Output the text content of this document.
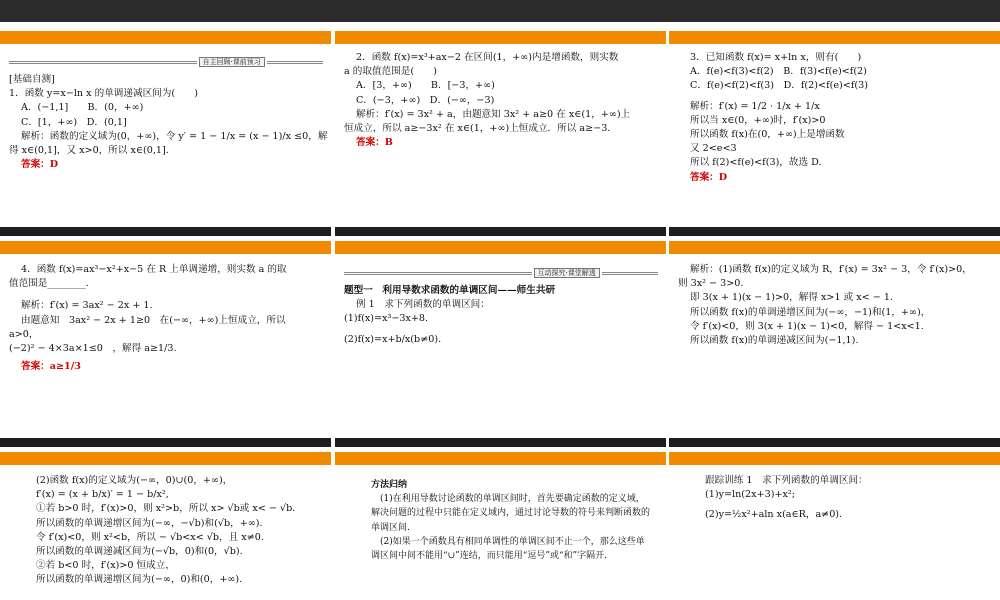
自主回顾·课前预习

[基础自测]

1．函数 y=x−ln x 的单调递减区间为(　　)

A．(−1,1]　　B．(0，+∞)

C．[1，+∞)　D．(0,1]

解析：函数的定义域为(0，+∞)，令 y′ = 1 − 1/x = (x − 1)/x ≤0，解

得 x∈(0,1]，又 x>0，所以 x∈(0,1].

答案：D

2．函数 f(x)=x³+ax−2 在区间(1，+∞)内是增函数，则实数

a 的取值范围是(　　)

A．[3，+∞)　　B．[−3，+∞)

C．(−3，+∞)　D．(−∞，−3)

解析：f′(x) = 3x² + a，由题意知 3x² + a≥0 在 x∈(1，+∞)上

恒成立，所以 a≥−3x² 在 x∈(1，+∞)上恒成立．所以 a≥−3.

答案：B

3．已知函数 f(x)= x+ln x，则有(　　)

A．f(e)<f(3)<f(2)　B．f(3)<f(e)<f(2)

C．f(e)<f(2)<f(3)　D．f(2)<f(e)<f(3)

解析：f′(x) = 1/2 · 1/x + 1/x

所以当 x∈(0，+∞)时，f′(x)>0

所以函数 f(x)在(0，+∞)上是增函数

又 2<e<3

所以 f(2)<f(e)<f(3)，故选 D.

答案：D

4．函数 f(x)=ax³−x²+x−5 在 R 上单调递增，则实数 a 的取

值范围是________.

解析：f′(x) = 3ax² − 2x + 1.

由题意知　3ax² − 2x + 1≥0　在(−∞，+∞)上恒成立，所以

a>0，

(−2)² − 4×3a×1≤0　，解得 a≥1/3.

答案：a≥1/3

互动探究·课堂解透

题型一　利用导数求函数的单调区间——师生共研

例 1　求下列函数的单调区间：

(1)f(x)=x³−3x+8.

(2)f(x)=x+b/x(b≠0).

解析：(1)函数 f(x)的定义域为 R，f′(x) = 3x² − 3，令 f′(x)>0，

则 3x² − 3>0.

即 3(x + 1)(x − 1)>0，解得 x>1 或 x< − 1.

所以函数 f(x)的单调递增区间为(−∞，−1)和(1，+∞)，

令 f′(x)<0，则 3(x + 1)(x − 1)<0，解得 − 1<x<1.

所以函数 f(x)的单调递减区间为(−1,1).

(2)函数 f(x)的定义域为(−∞，0)∪(0，+∞)，

f′(x) = (x + b/x)′ = 1 − b/x²,

①若 b>0 时，f′(x)>0，则 x²>b，所以 x> √b或 x< − √b.

所以函数的单调递增区间为(−∞，−√b)和(√b，+∞).

令 f′(x)<0，则 x²<b，所以 − √b<x< √b，且 x≠0.

所以函数的单调递减区间为(−√b，0)和(0，√b).

②若 b<0 时，f′(x)>0 恒成立，

所以函数的单调递增区间为(−∞，0)和(0，+∞).

方法归纳

(1)在利用导数讨论函数的单调区间时，首先要确定函数的定义域，解决问题的过程中只能在定义域内，通过讨论导数的符号来判断函数的单调区间.

(2)如果一个函数具有相同单调性的单调区间不止一个，那么这些单调区间中间不能用“∪”连结，而只能用“逗号”或“和”字隔开.

跟踪训练 1　求下列函数的单调区间：

(1)y=ln(2x+3)+x²;

(2)y=½x²+aln x(a∈R，a≠0).
